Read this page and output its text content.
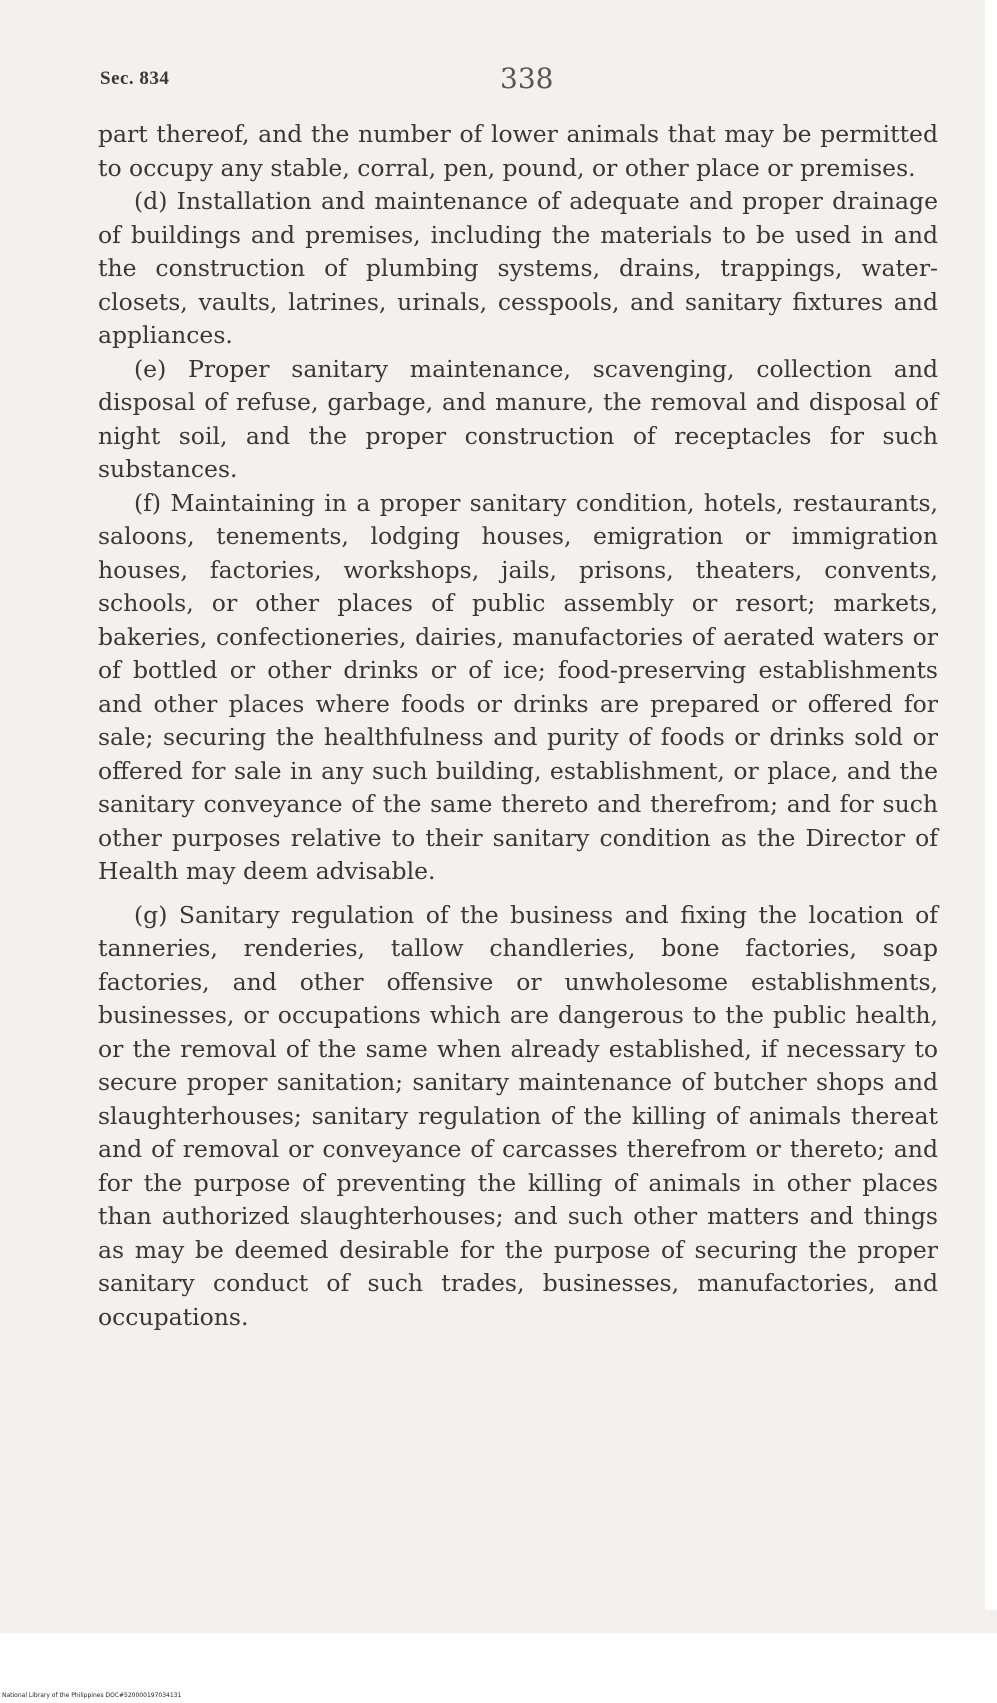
Sec. 834	338

part thereof, and the number of lower animals that may be permitted to occupy any stable, corral, pen, pound, or other place or premises.

(d) Installation and maintenance of adequate and proper drainage of buildings and premises, including the materials to be used in and the construction of plumbing systems, drains, trappings, water-closets, vaults, latrines, urinals, cesspools, and sanitary fixtures and appliances.

(e) Proper sanitary maintenance, scavenging, collection and disposal of refuse, garbage, and manure, the removal and disposal of night soil, and the proper construction of receptacles for such substances.

(f) Maintaining in a proper sanitary condition, hotels, restaurants, saloons, tenements, lodging houses, emigration or immigration houses, factories, workshops, jails, prisons, theaters, convents, schools, or other places of public assembly or resort; markets, bakeries, confectioneries, dairies, manufactories of aerated waters or of bottled or other drinks or of ice; food-preserving establishments and other places where foods or drinks are prepared or offered for sale; securing the healthfulness and purity of foods or drinks sold or offered for sale in any such building, establishment, or place, and the sanitary conveyance of the same thereto and therefrom; and for such other purposes relative to their sanitary condition as the Director of Health may deem advisable.

(g) Sanitary regulation of the business and fixing the location of tanneries, renderies, tallow chandleries, bone factories, soap factories, and other offensive or unwholesome establishments, businesses, or occupations which are dangerous to the public health, or the removal of the same when already established, if necessary to secure proper sanitation; sanitary maintenance of butcher shops and slaughterhouses; sanitary regulation of the killing of animals thereat and of removal or conveyance of carcasses therefrom or thereto; and for the purpose of preventing the killing of animals in other places than authorized slaughterhouses; and such other matters and things as may be deemed desirable for the purpose of securing the proper sanitary conduct of such trades, businesses, manufactories, and occupations.

National Library of the Philippines DOC#520000197034131
